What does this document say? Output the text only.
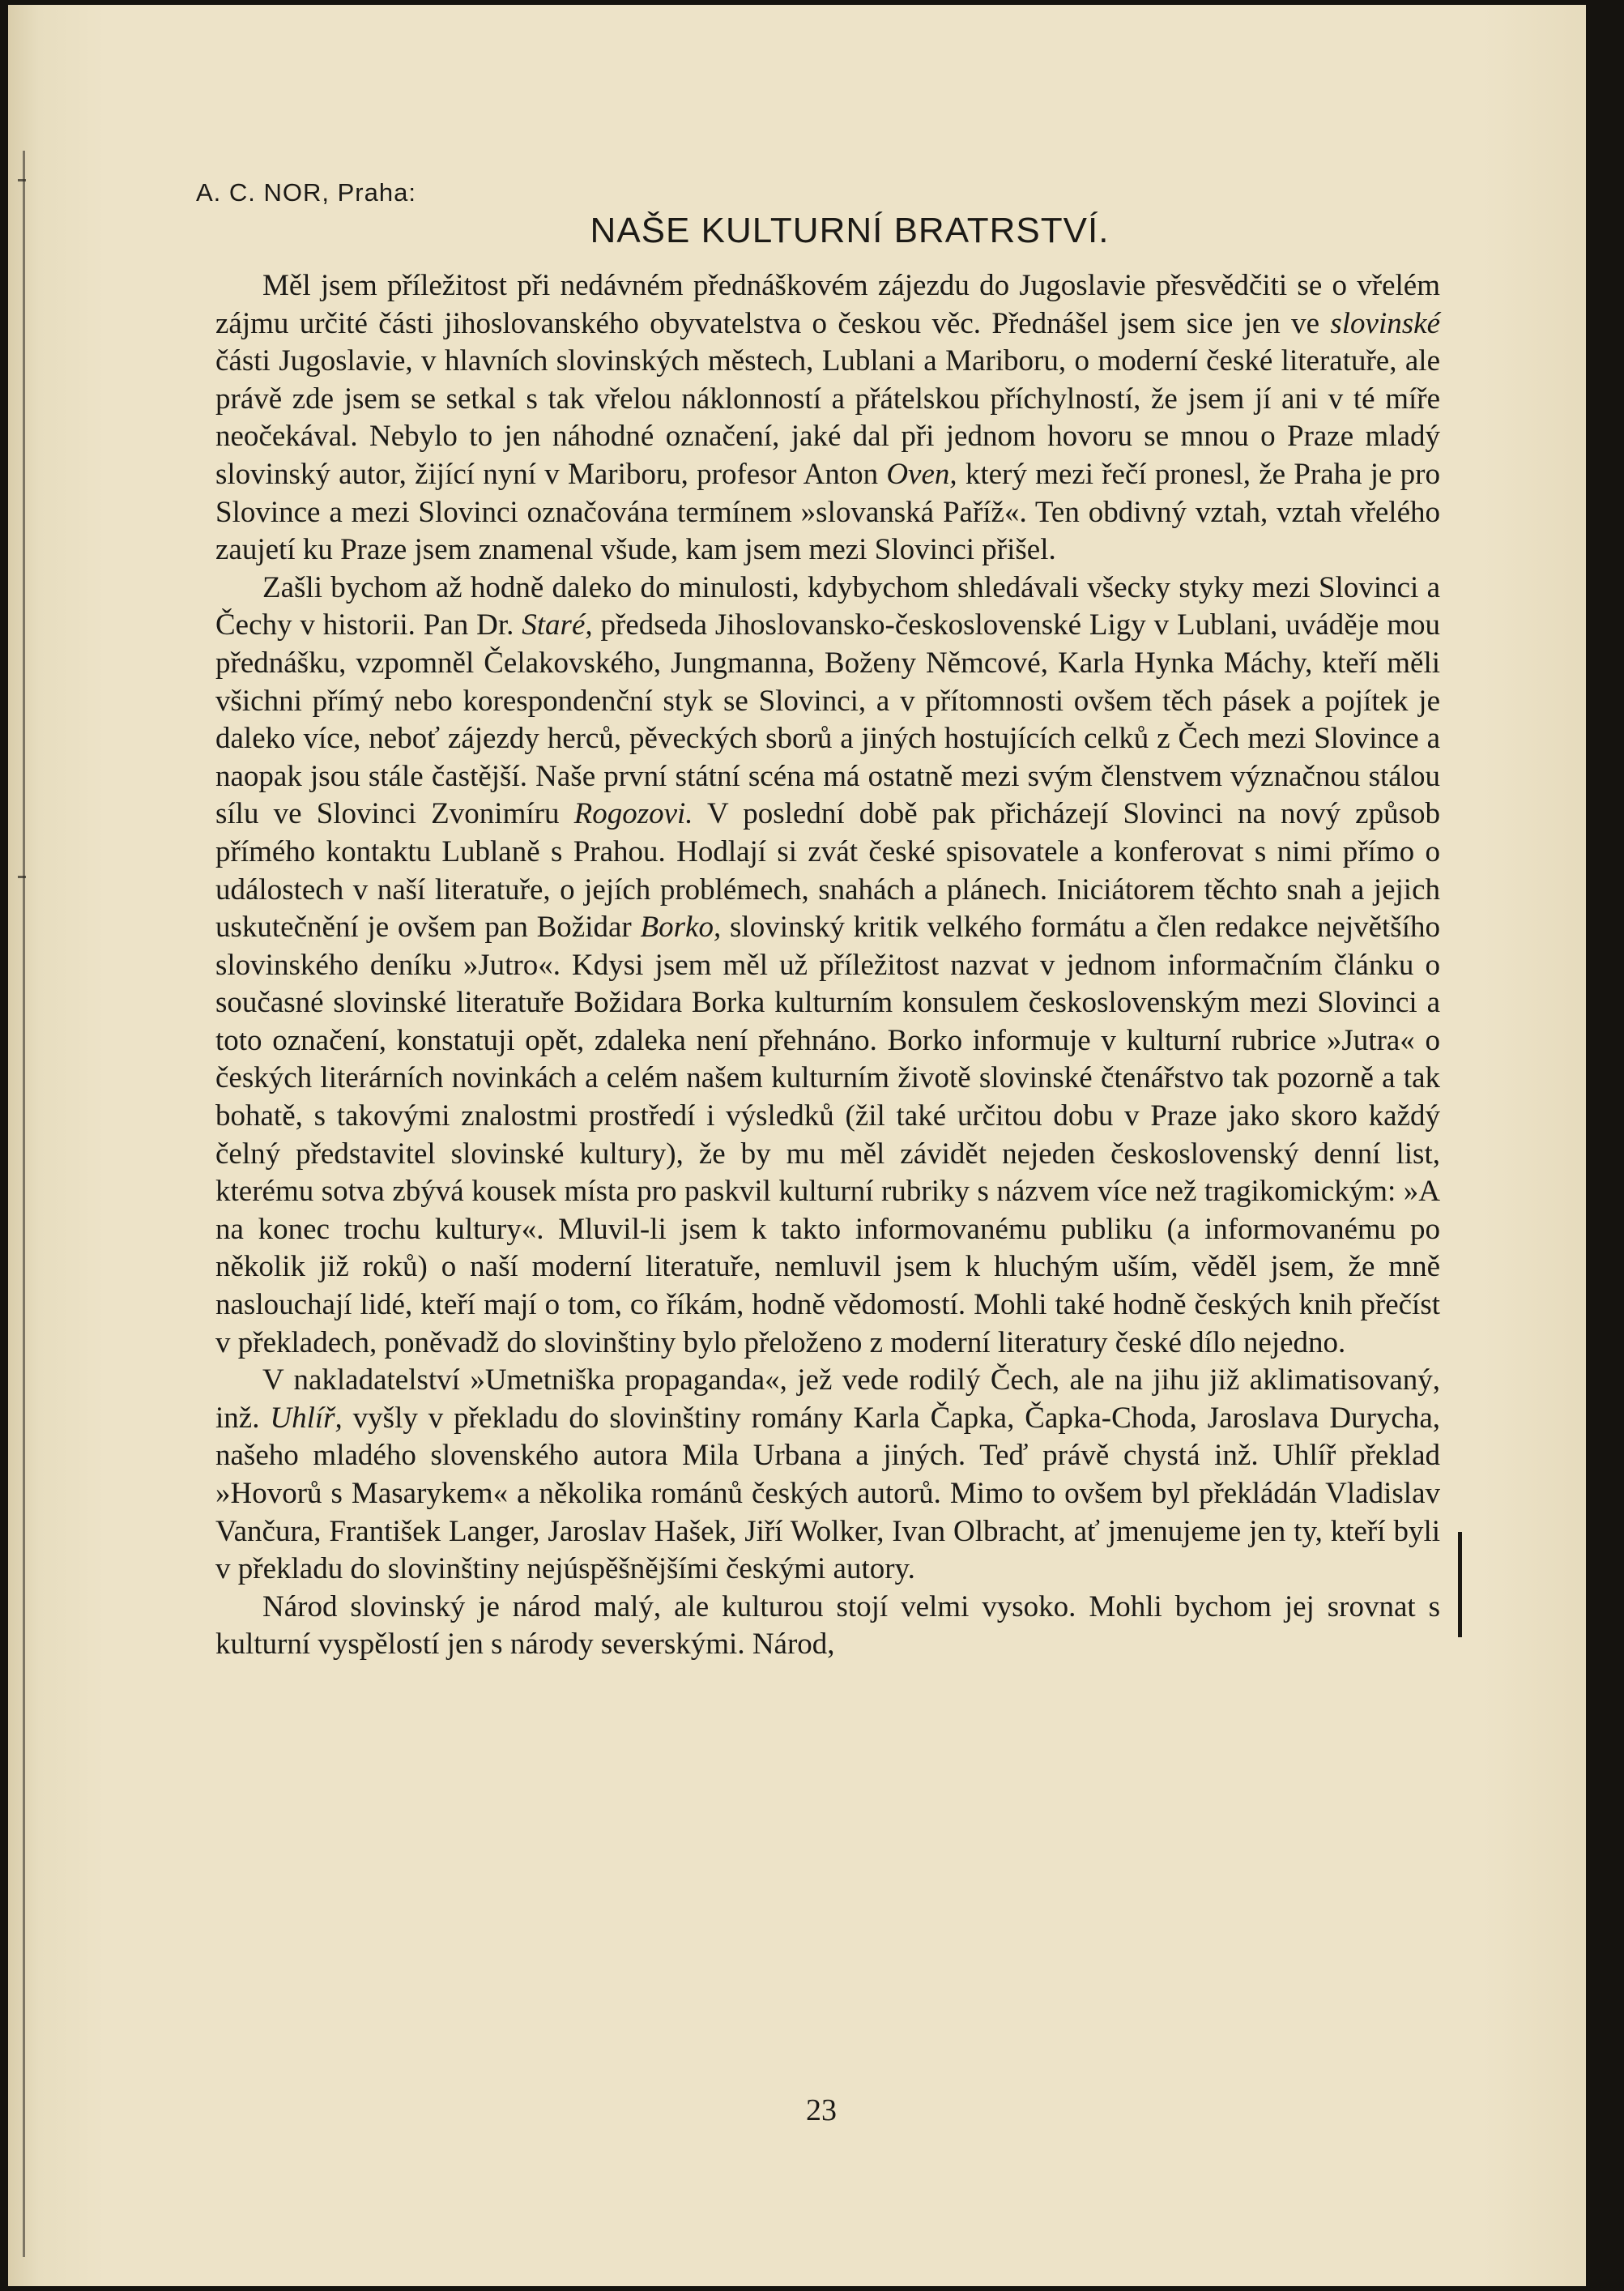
A. C. NOR, Praha:

NAŠE KULTURNÍ BRATRSTVÍ.

Měl jsem příležitost při nedávném přednáškovém zájezdu do Jugoslavie přesvědčiti se o vřelém zájmu určité části jihoslovanského obyvatelstva o českou věc. Přednášel jsem sice jen ve slovinské části Jugoslavie, v hlavních slovinských městech, Lublani a Mariboru, o moderní české literatuře, ale právě zde jsem se setkal s tak vřelou náklonností a přátelskou příchylností, že jsem jí ani v té míře neočekával. Nebylo to jen náhodné označení, jaké dal při jednom hovoru se mnou o Praze mladý slovinský autor, žijící nyní v Mariboru, profesor Anton Oven, který mezi řečí pronesl, že Praha je pro Slovince a mezi Slovinci označována termínem »slovanská Paříž«. Ten obdivný vztah, vztah vřelého zaujetí ku Praze jsem znamenal všude, kam jsem mezi Slovinci přišel.

Zašli bychom až hodně daleko do minulosti, kdybychom shledávali všecky styky mezi Slovinci a Čechy v historii. Pan Dr. Staré, předseda Jihoslovansko-československé Ligy v Lublani, uváděje mou přednášku, vzpomněl Čelakovského, Jungmanna, Boženy Němcové, Karla Hynka Máchy, kteří měli všichni přímý nebo korespondenční styk se Slovinci, a v přítomnosti ovšem těch pásek a pojítek je daleko více, neboť zájezdy herců, pěveckých sborů a jiných hostujících celků z Čech mezi Slovince a naopak jsou stále častější. Naše první státní scéna má ostatně mezi svým členstvem význačnou stálou sílu ve Slovinci Zvonimíru Rogozovi. V poslední době pak přicházejí Slovinci na nový způsob přímého kontaktu Lublaně s Prahou. Hodlají si zvát české spisovatele a konferovat s nimi přímo o událostech v naší literatuře, o jejích problémech, snahách a plánech. Iniciátorem těchto snah a jejich uskutečnění je ovšem pan Božidar Borko, slovinský kritik velkého formátu a člen redakce největšího slovinského deníku »Jutro«. Kdysi jsem měl už příležitost nazvat v jednom informačním článku o současné slovinské literatuře Božidara Borka kulturním konsulem československým mezi Slovinci a toto označení, konstatuji opět, zdaleka není přehnáno. Borko informuje v kulturní rubrice »Jutra« o českých literárních novinkách a celém našem kulturním životě slovinské čtenářstvo tak pozorně a tak bohatě, s takovými znalostmi prostředí i výsledků (žil také určitou dobu v Praze jako skoro každý čelný představitel slovinské kultury), že by mu měl závidět nejeden československý denní list, kterému sotva zbývá kousek místa pro paskvil kulturní rubriky s názvem více než tragikomickým: »A na konec trochu kultury«. Mluvil-li jsem k takto informovanému publiku (a informovanému po několik již roků) o naší moderní literatuře, nemluvil jsem k hluchým uším, věděl jsem, že mně naslouchají lidé, kteří mají o tom, co říkám, hodně vědomostí. Mohli také hodně českých knih přečíst v překladech, poněvadž do slovinštiny bylo přeloženo z moderní literatury české dílo nejedno.

V nakladatelství »Umetniška propaganda«, jež vede rodilý Čech, ale na jihu již aklimatisovaný, inž. Uhlíř, vyšly v překladu do slovinštiny romány Karla Čapka, Čapka-Choda, Jaroslava Durycha, našeho mladého slovenského autora Mila Urbana a jiných. Teď právě chystá inž. Uhlíř překlad »Hovorů s Masarykem« a několika románů českých autorů. Mimo to ovšem byl překládán Vladislav Vančura, František Langer, Jaroslav Hašek, Jiří Wolker, Ivan Olbracht, ať jmenujeme jen ty, kteří byli v překladu do slovinštiny nejúspěšnějšími českými autory.

Národ slovinský je národ malý, ale kulturou stojí velmi vysoko. Mohli bychom jej srovnat s kulturní vyspělostí jen s národy severskými. Národ,

23
